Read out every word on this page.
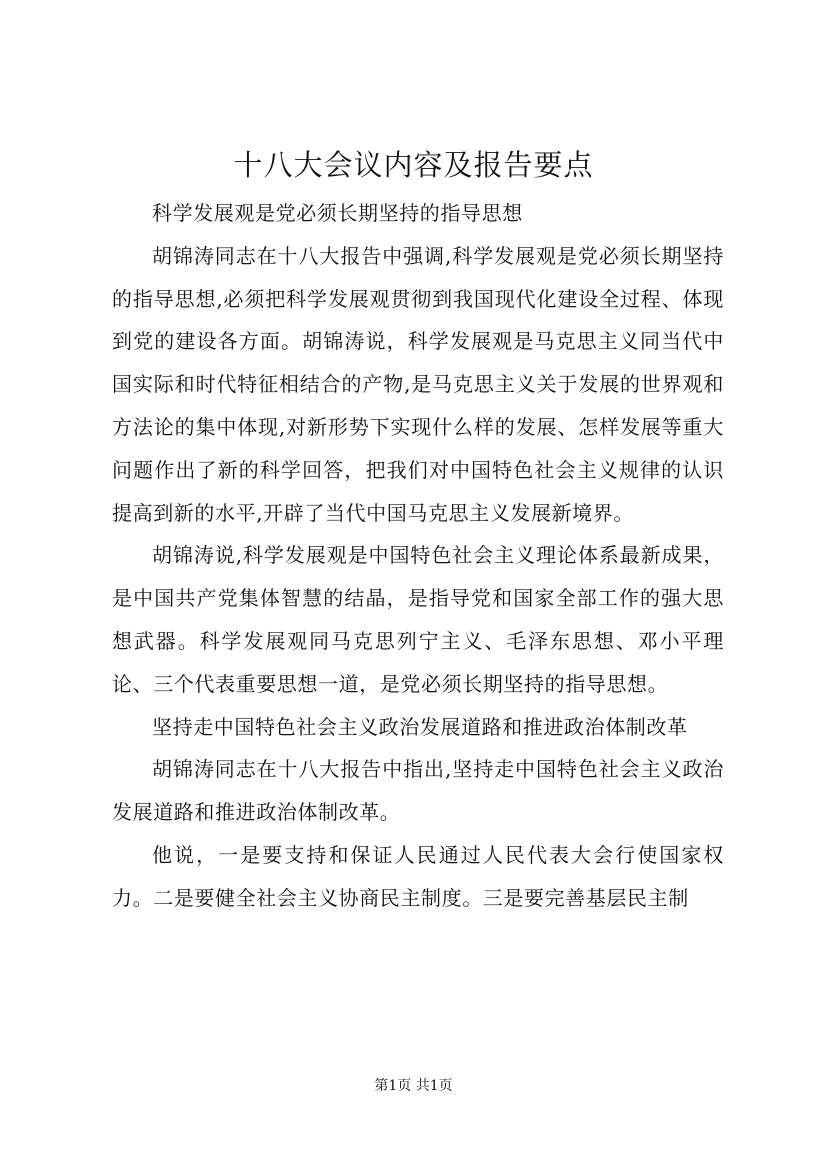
十八大会议内容及报告要点

科学发展观是党必须长期坚持的指导思想

胡锦涛同志在十八大报告中强调,科学发展观是党必须长期坚持的指导思想,必须把科学发展观贯彻到我国现代化建设全过程、体现到党的建设各方面。胡锦涛说，科学发展观是马克思主义同当代中国实际和时代特征相结合的产物,是马克思主义关于发展的世界观和方法论的集中体现,对新形势下实现什么样的发展、怎样发展等重大问题作出了新的科学回答，把我们对中国特色社会主义规律的认识提高到新的水平,开辟了当代中国马克思主义发展新境界。

胡锦涛说,科学发展观是中国特色社会主义理论体系最新成果，是中国共产党集体智慧的结晶，是指导党和国家全部工作的强大思想武器。科学发展观同马克思列宁主义、毛泽东思想、邓小平理论、三个代表重要思想一道，是党必须长期坚持的指导思想。

坚持走中国特色社会主义政治发展道路和推进政治体制改革

胡锦涛同志在十八大报告中指出,坚持走中国特色社会主义政治发展道路和推进政治体制改革。

他说，一是要支持和保证人民通过人民代表大会行使国家权力。二是要健全社会主义协商民主制度。三是要完善基层民主制

第1页 共1页
